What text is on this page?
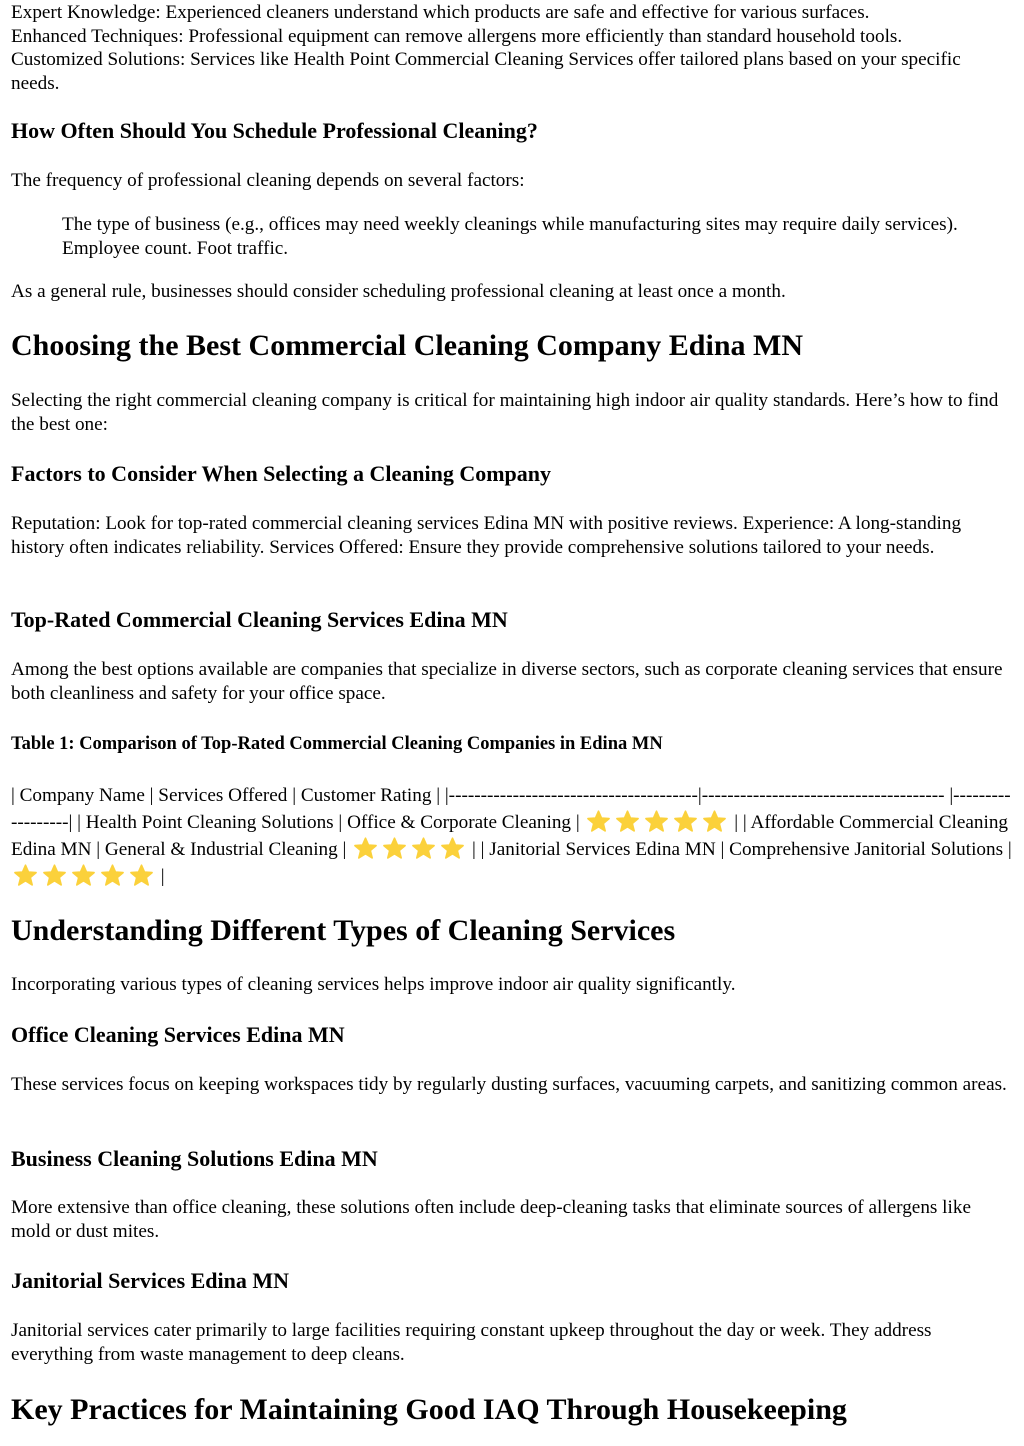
Expert Knowledge: Experienced cleaners understand which products are safe and effective for various surfaces.

Enhanced Techniques: Professional equipment can remove allergens more efficiently than standard household tools.

Customized Solutions: Services like Health Point Commercial Cleaning Services offer tailored plans based on your specific needs.

How Often Should You Schedule Professional Cleaning?

The frequency of professional cleaning depends on several factors:

The type of business (e.g., offices may need weekly cleanings while manufacturing sites may require daily services). Employee count. Foot traffic.

As a general rule, businesses should consider scheduling professional cleaning at least once a month.

Choosing the Best Commercial Cleaning Company Edina MN

Selecting the right commercial cleaning company is critical for maintaining high indoor air quality standards. Here’s how to find the best one:

Factors to Consider When Selecting a Cleaning Company

Reputation: Look for top-rated commercial cleaning services Edina MN with positive reviews. Experience: A long-standing history often indicates reliability. Services Offered: Ensure they provide comprehensive solutions tailored to your needs.

Top-Rated Commercial Cleaning Services Edina MN

Among the best options available are companies that specialize in diverse sectors, such as corporate cleaning services that ensure both cleanliness and safety for your office space.

Table 1: Comparison of Top-Rated Commercial Cleaning Companies in Edina MN
| Company Name | Services Offered | Customer Rating | |---------------------------------------|-------------------------------------- |------------------| | Health Point Cleaning Solutions | Office & Corporate Cleaning |	| | Affordable Commercial Cleaning Edina MN | General & Industrial Cleaning |	| | Janitorial Services Edina MN | Comprehensive Janitorial Solutions |
|
Understanding Different Types of Cleaning Services

Incorporating various types of cleaning services helps improve indoor air quality significantly.

Office Cleaning Services Edina MN

These services focus on keeping workspaces tidy by regularly dusting surfaces, vacuuming carpets, and sanitizing common areas.

Business Cleaning Solutions Edina MN

More extensive than office cleaning, these solutions often include deep-cleaning tasks that eliminate sources of allergens like mold or dust mites.

Janitorial Services Edina MN

Janitorial services cater primarily to large facilities requiring constant upkeep throughout the day or week. They address everything from waste management to deep cleans.

Key Practices for Maintaining Good IAQ Through Housekeeping
